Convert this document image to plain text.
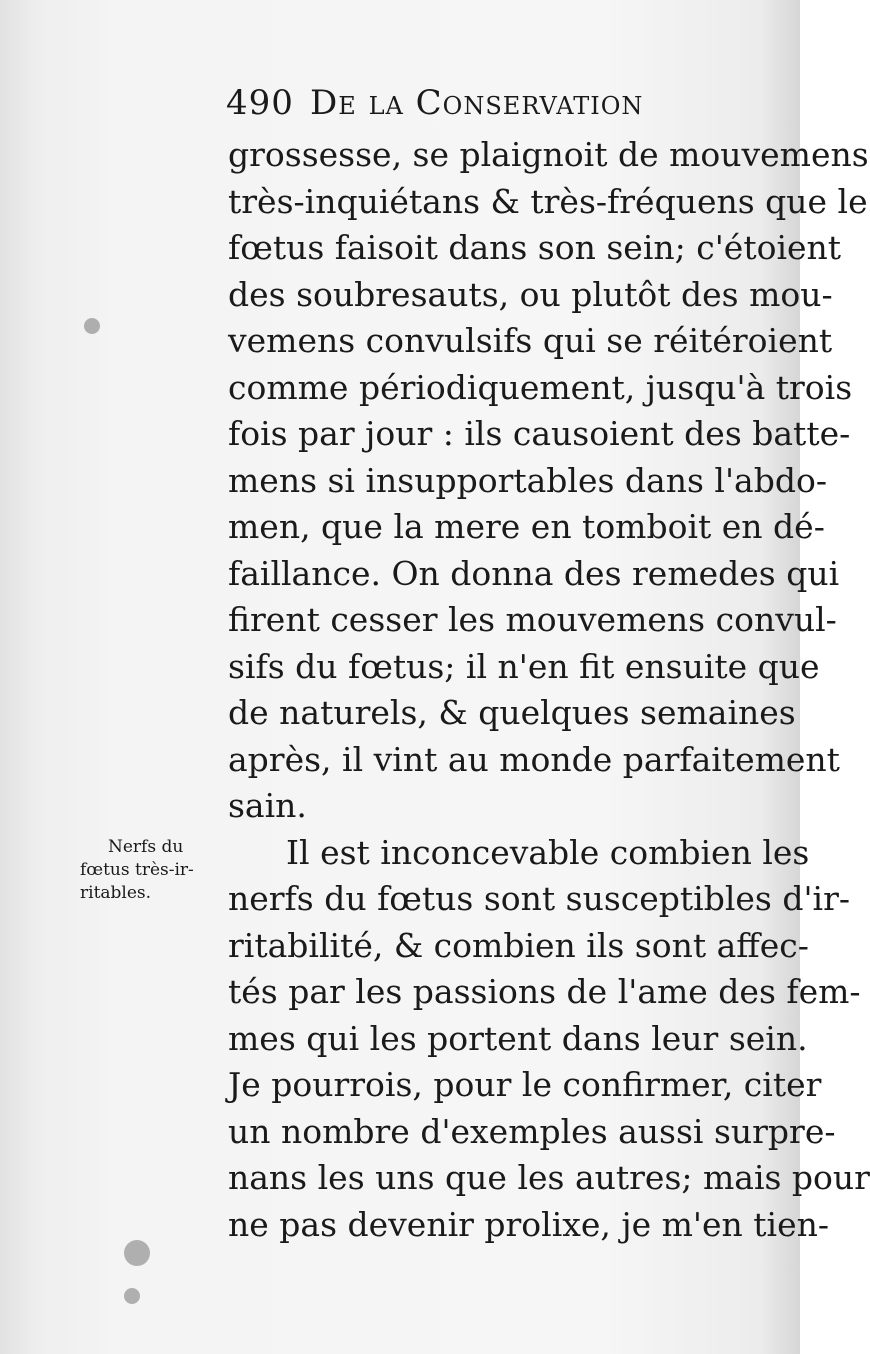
490 De la Conservation
Nerfs du
fœtus très-ir-
ritables.
grossesse, se plaignoit de mouvemens
très-inquiétans & très-fréquens que le
fœtus faisoit dans son sein; c'étoient
des soubresauts, ou plutôt des mou-
vemens convulsifs qui se réitéroient
comme périodiquement, jusqu'à trois
fois par jour : ils causoient des batte-
mens si insupportables dans l'abdo-
men, que la mere en tomboit en dé-
faillance. On donna des remedes qui
firent cesser les mouvemens convul-
sifs du fœtus; il n'en fit ensuite que
de naturels, & quelques semaines
après, il vint au monde parfaitement
sain.
Il est inconcevable combien les
nerfs du fœtus sont susceptibles d'ir-
ritabilité, & combien ils sont affec-
tés par les passions de l'ame des fem-
mes qui les portent dans leur sein.
Je pourrois, pour le confirmer, citer
un nombre d'exemples aussi surpre-
nans les uns que les autres; mais pour
ne pas devenir prolixe, je m'en tien-
